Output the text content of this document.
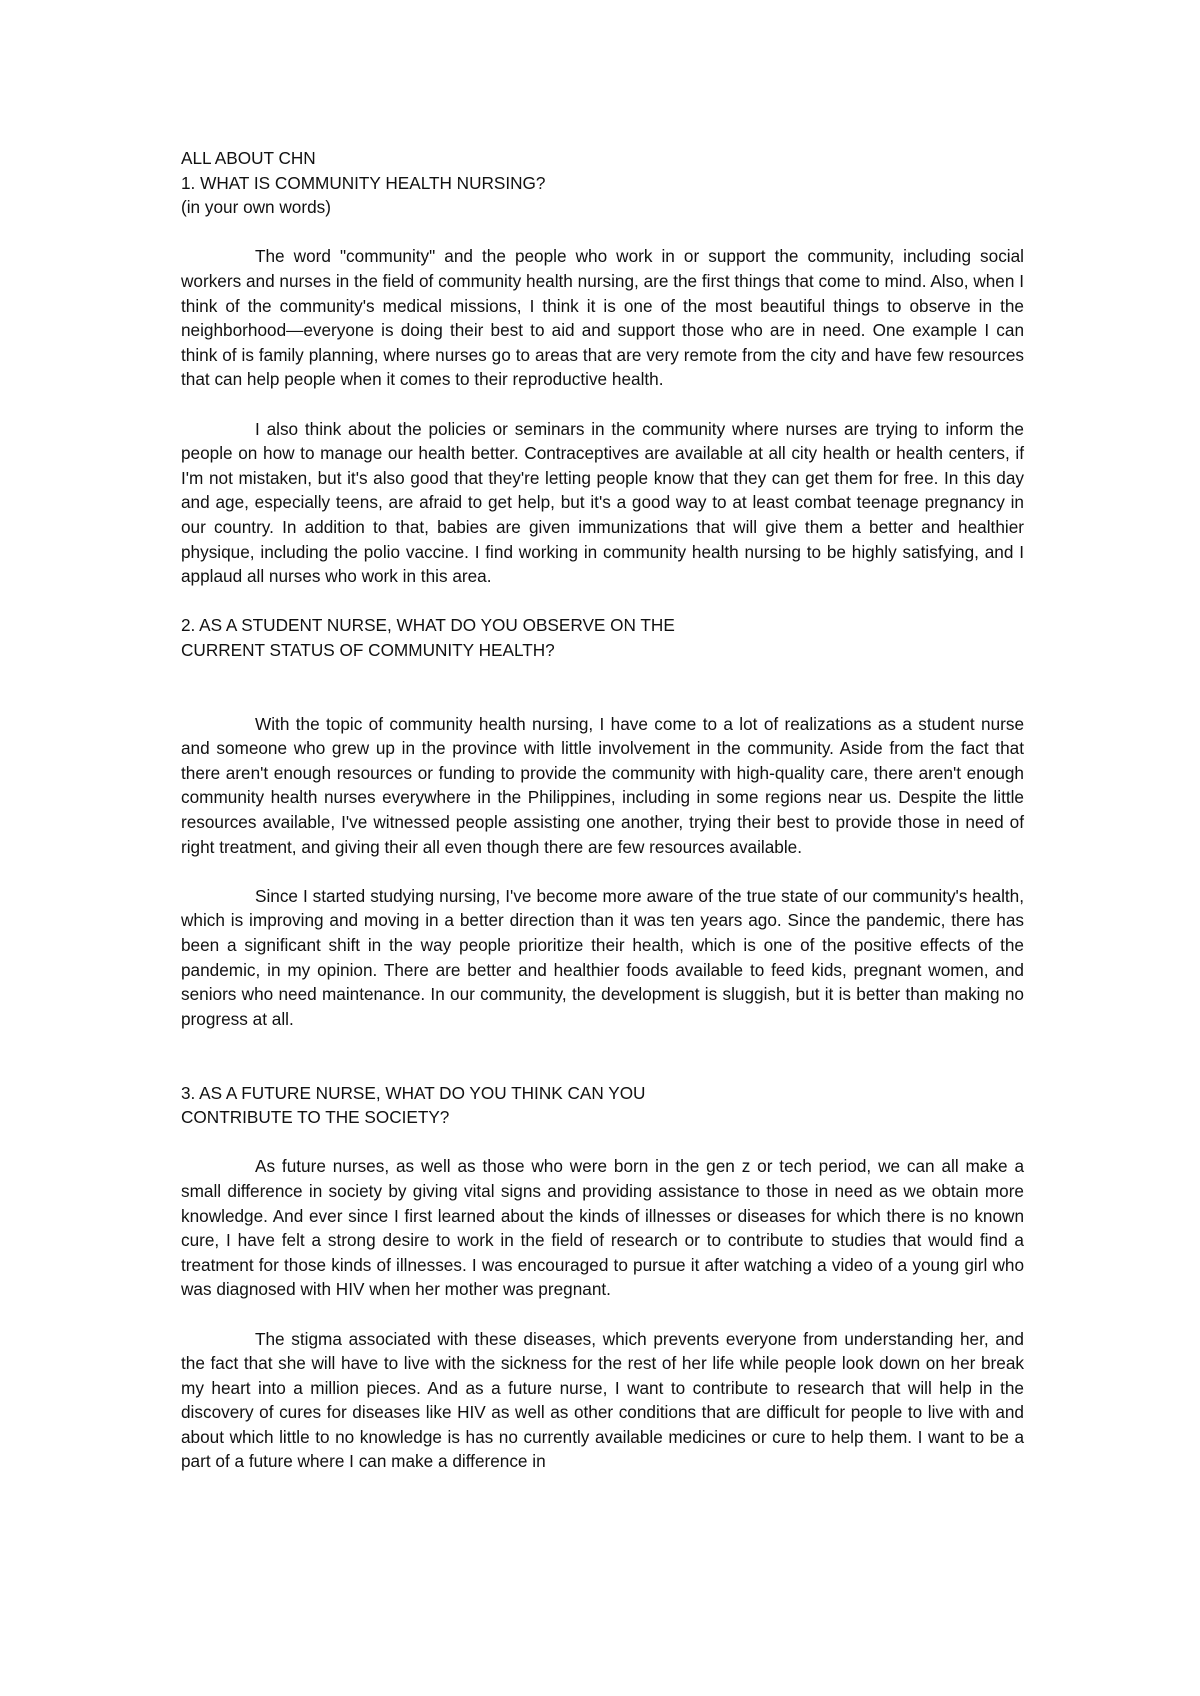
ALL ABOUT CHN
1. WHAT IS COMMUNITY HEALTH NURSING?
(in your own words)

The word "community" and the people who work in or support the community, including social workers and nurses in the field of community health nursing, are the first things that come to mind. Also, when I think of the community's medical missions, I think it is one of the most beautiful things to observe in the neighborhood—everyone is doing their best to aid and support those who are in need. One example I can think of is family planning, where nurses go to areas that are very remote from the city and have few resources that can help people when it comes to their reproductive health.

I also think about the policies or seminars in the community where nurses are trying to inform the people on how to manage our health better. Contraceptives are available at all city health or health centers, if I'm not mistaken, but it's also good that they're letting people know that they can get them for free. In this day and age, especially teens, are afraid to get help, but it's a good way to at least combat teenage pregnancy in our country. In addition to that, babies are given immunizations that will give them a better and healthier physique, including the polio vaccine. I find working in community health nursing to be highly satisfying, and I applaud all nurses who work in this area.

2. AS A STUDENT NURSE, WHAT DO YOU OBSERVE ON THE
CURRENT STATUS OF COMMUNITY HEALTH?

With the topic of community health nursing, I have come to a lot of realizations as a student nurse and someone who grew up in the province with little involvement in the community. Aside from the fact that there aren't enough resources or funding to provide the community with high-quality care, there aren't enough community health nurses everywhere in the Philippines, including in some regions near us. Despite the little resources available, I've witnessed people assisting one another, trying their best to provide those in need of right treatment, and giving their all even though there are few resources available.

Since I started studying nursing, I've become more aware of the true state of our community's health, which is improving and moving in a better direction than it was ten years ago. Since the pandemic, there has been a significant shift in the way people prioritize their health, which is one of the positive effects of the pandemic, in my opinion. There are better and healthier foods available to feed kids, pregnant women, and seniors who need maintenance. In our community, the development is sluggish, but it is better than making no progress at all.

3. AS A FUTURE NURSE, WHAT DO YOU THINK CAN YOU
CONTRIBUTE TO THE SOCIETY?

As future nurses, as well as those who were born in the gen z or tech period, we can all make a small difference in society by giving vital signs and providing assistance to those in need as we obtain more knowledge. And ever since I first learned about the kinds of illnesses or diseases for which there is no known cure, I have felt a strong desire to work in the field of research or to contribute to studies that would find a treatment for those kinds of illnesses. I was encouraged to pursue it after watching a video of a young girl who was diagnosed with HIV when her mother was pregnant.

The stigma associated with these diseases, which prevents everyone from understanding her, and the fact that she will have to live with the sickness for the rest of her life while people look down on her break my heart into a million pieces. And as a future nurse, I want to contribute to research that will help in the discovery of cures for diseases like HIV as well as other conditions that are difficult for people to live with and about which little to no knowledge is has no currently available medicines or cure to help them. I want to be a part of a future where I can make a difference in
